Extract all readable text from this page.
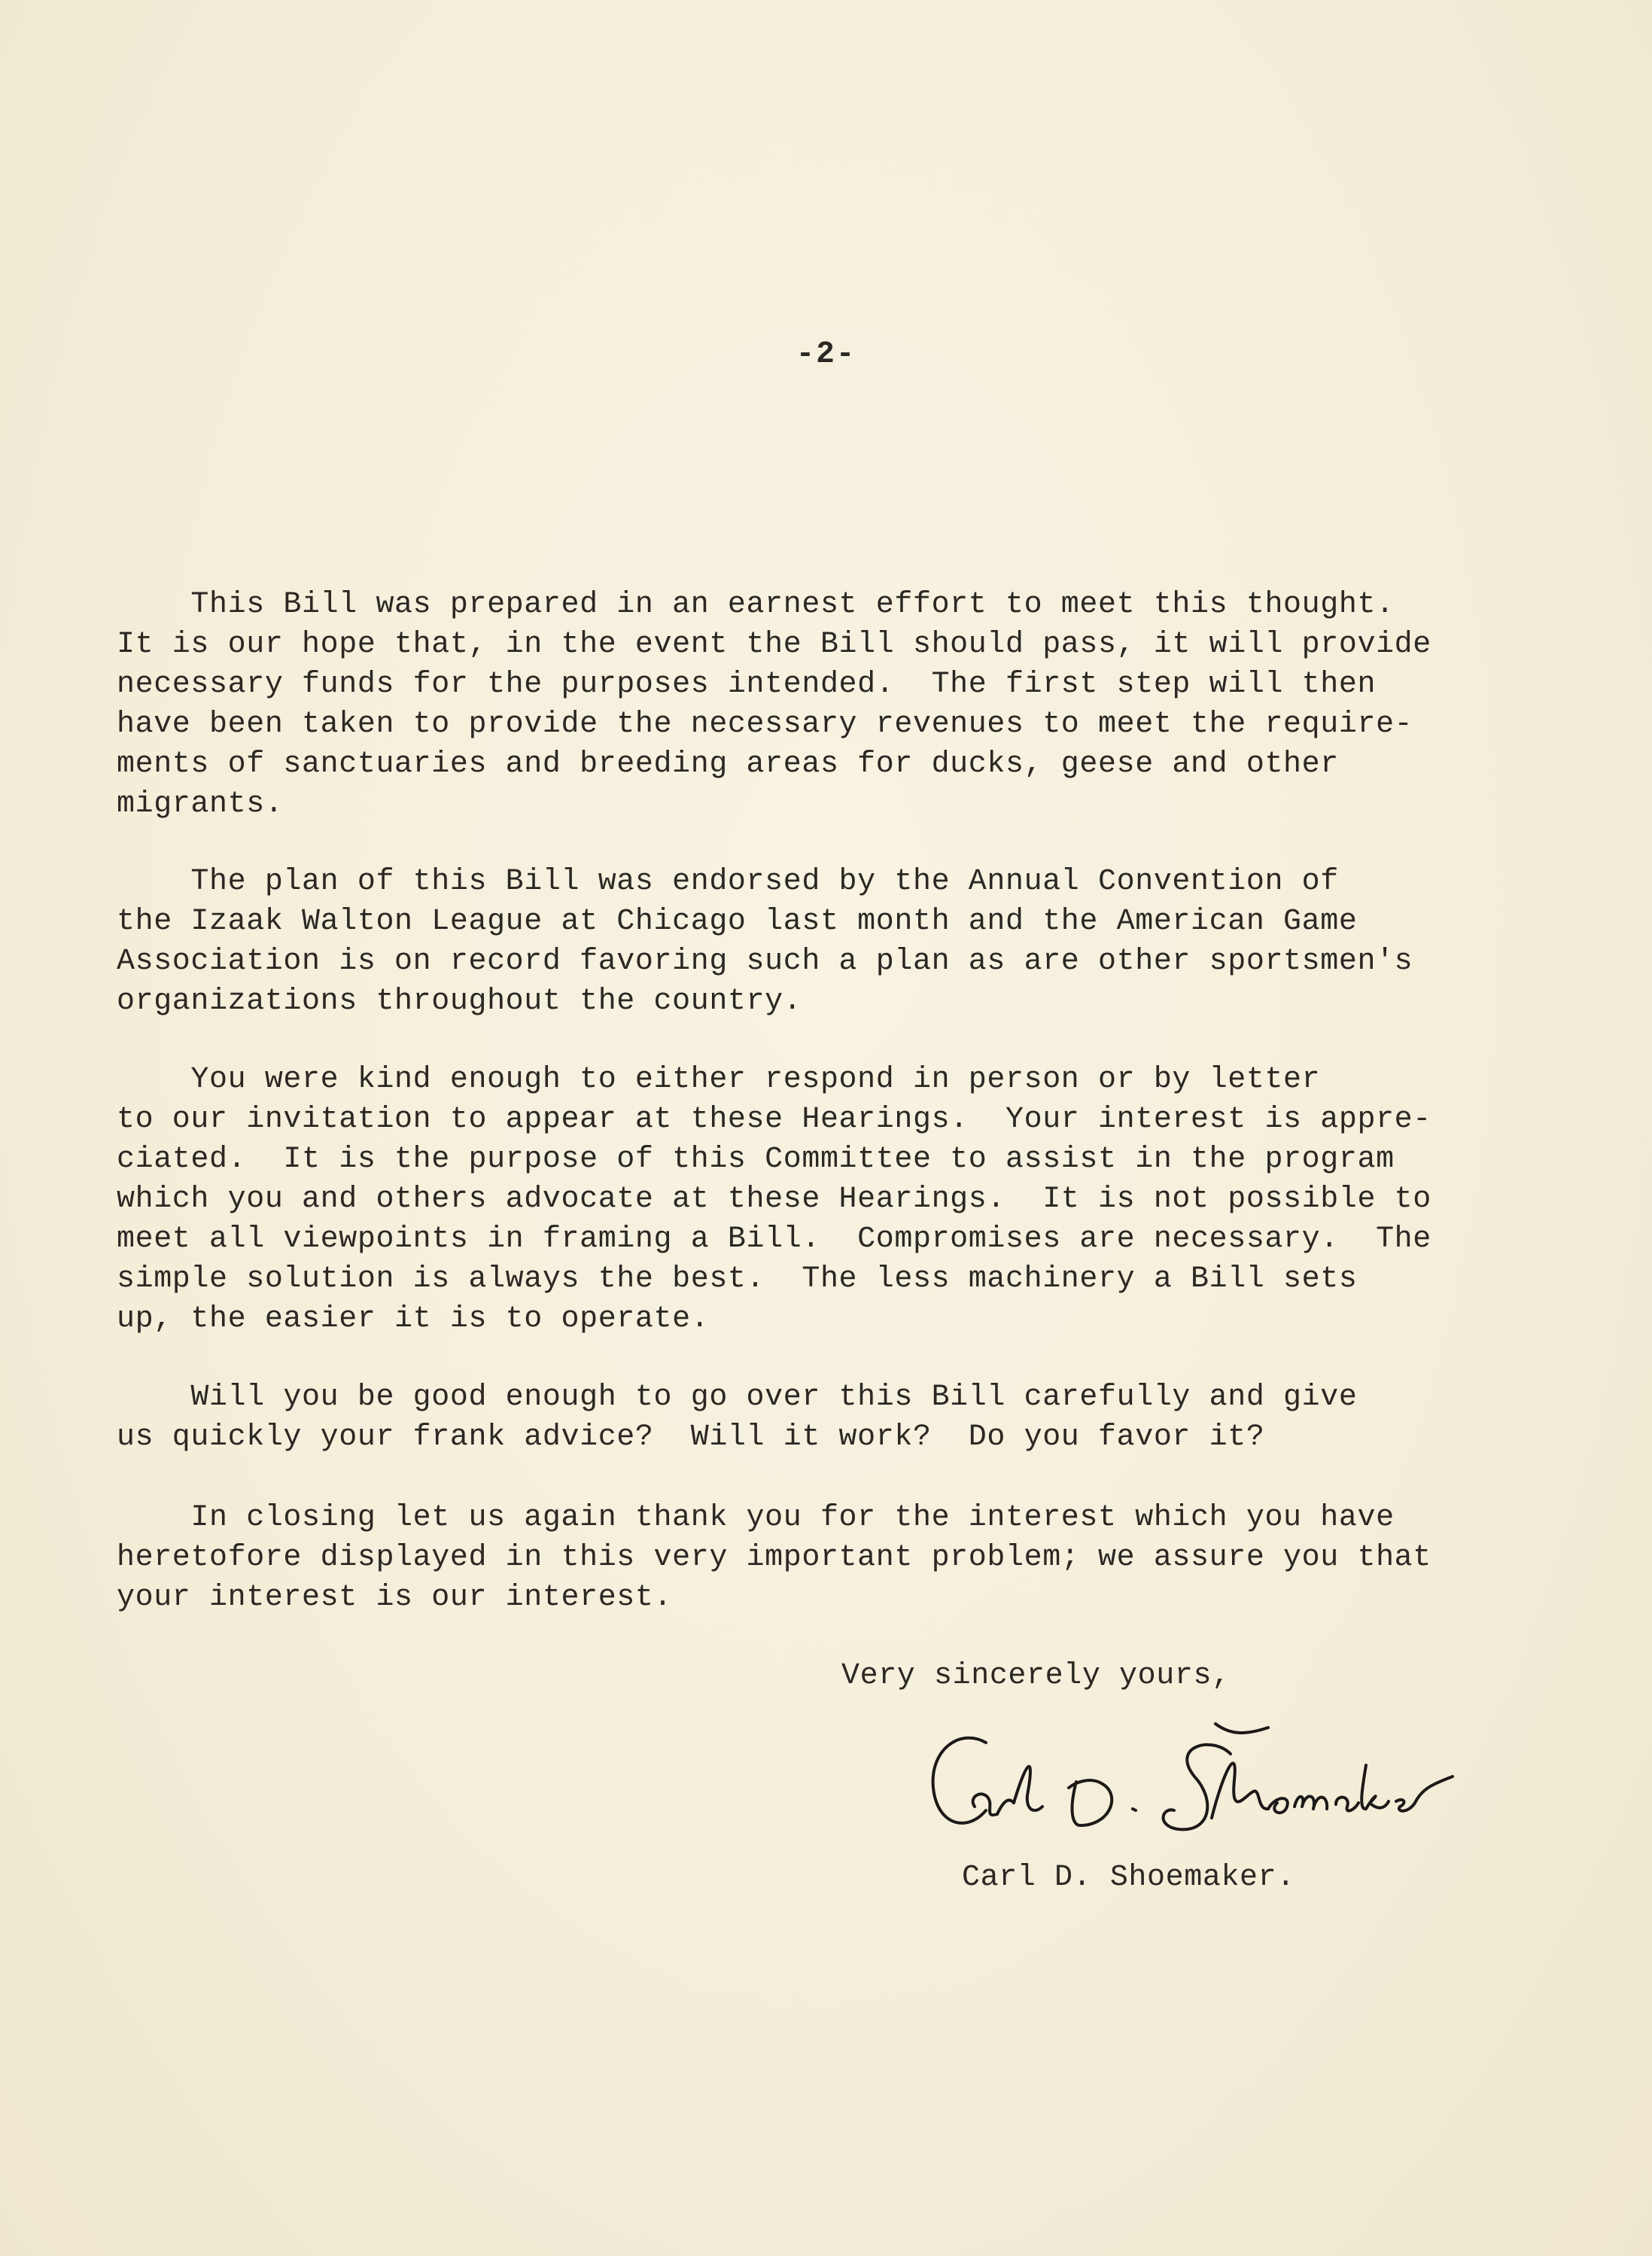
-2-

This Bill was prepared in an earnest effort to meet this thought.
It is our hope that, in the event the Bill should pass, it will provide
necessary funds for the purposes intended.  The first step will then
have been taken to provide the necessary revenues to meet the require-
ments of sanctuaries and breeding areas for ducks, geese and other
migrants.

The plan of this Bill was endorsed by the Annual Convention of
the Izaak Walton League at Chicago last month and the American Game
Association is on record favoring such a plan as are other sportsmen's
organizations throughout the country.

You were kind enough to either respond in person or by letter
to our invitation to appear at these Hearings.  Your interest is appre-
ciated.  It is the purpose of this Committee to assist in the program
which you and others advocate at these Hearings.  It is not possible to
meet all viewpoints in framing a Bill.  Compromises are necessary.  The
simple solution is always the best.  The less machinery a Bill sets
up, the easier it is to operate.

Will you be good enough to go over this Bill carefully and give
us quickly your frank advice?  Will it work?  Do you favor it?

In closing let us again thank you for the interest which you have
heretofore displayed in this very important problem; we assure you that
your interest is our interest.

Very sincerely yours,
Carl D. Shoemaker.
